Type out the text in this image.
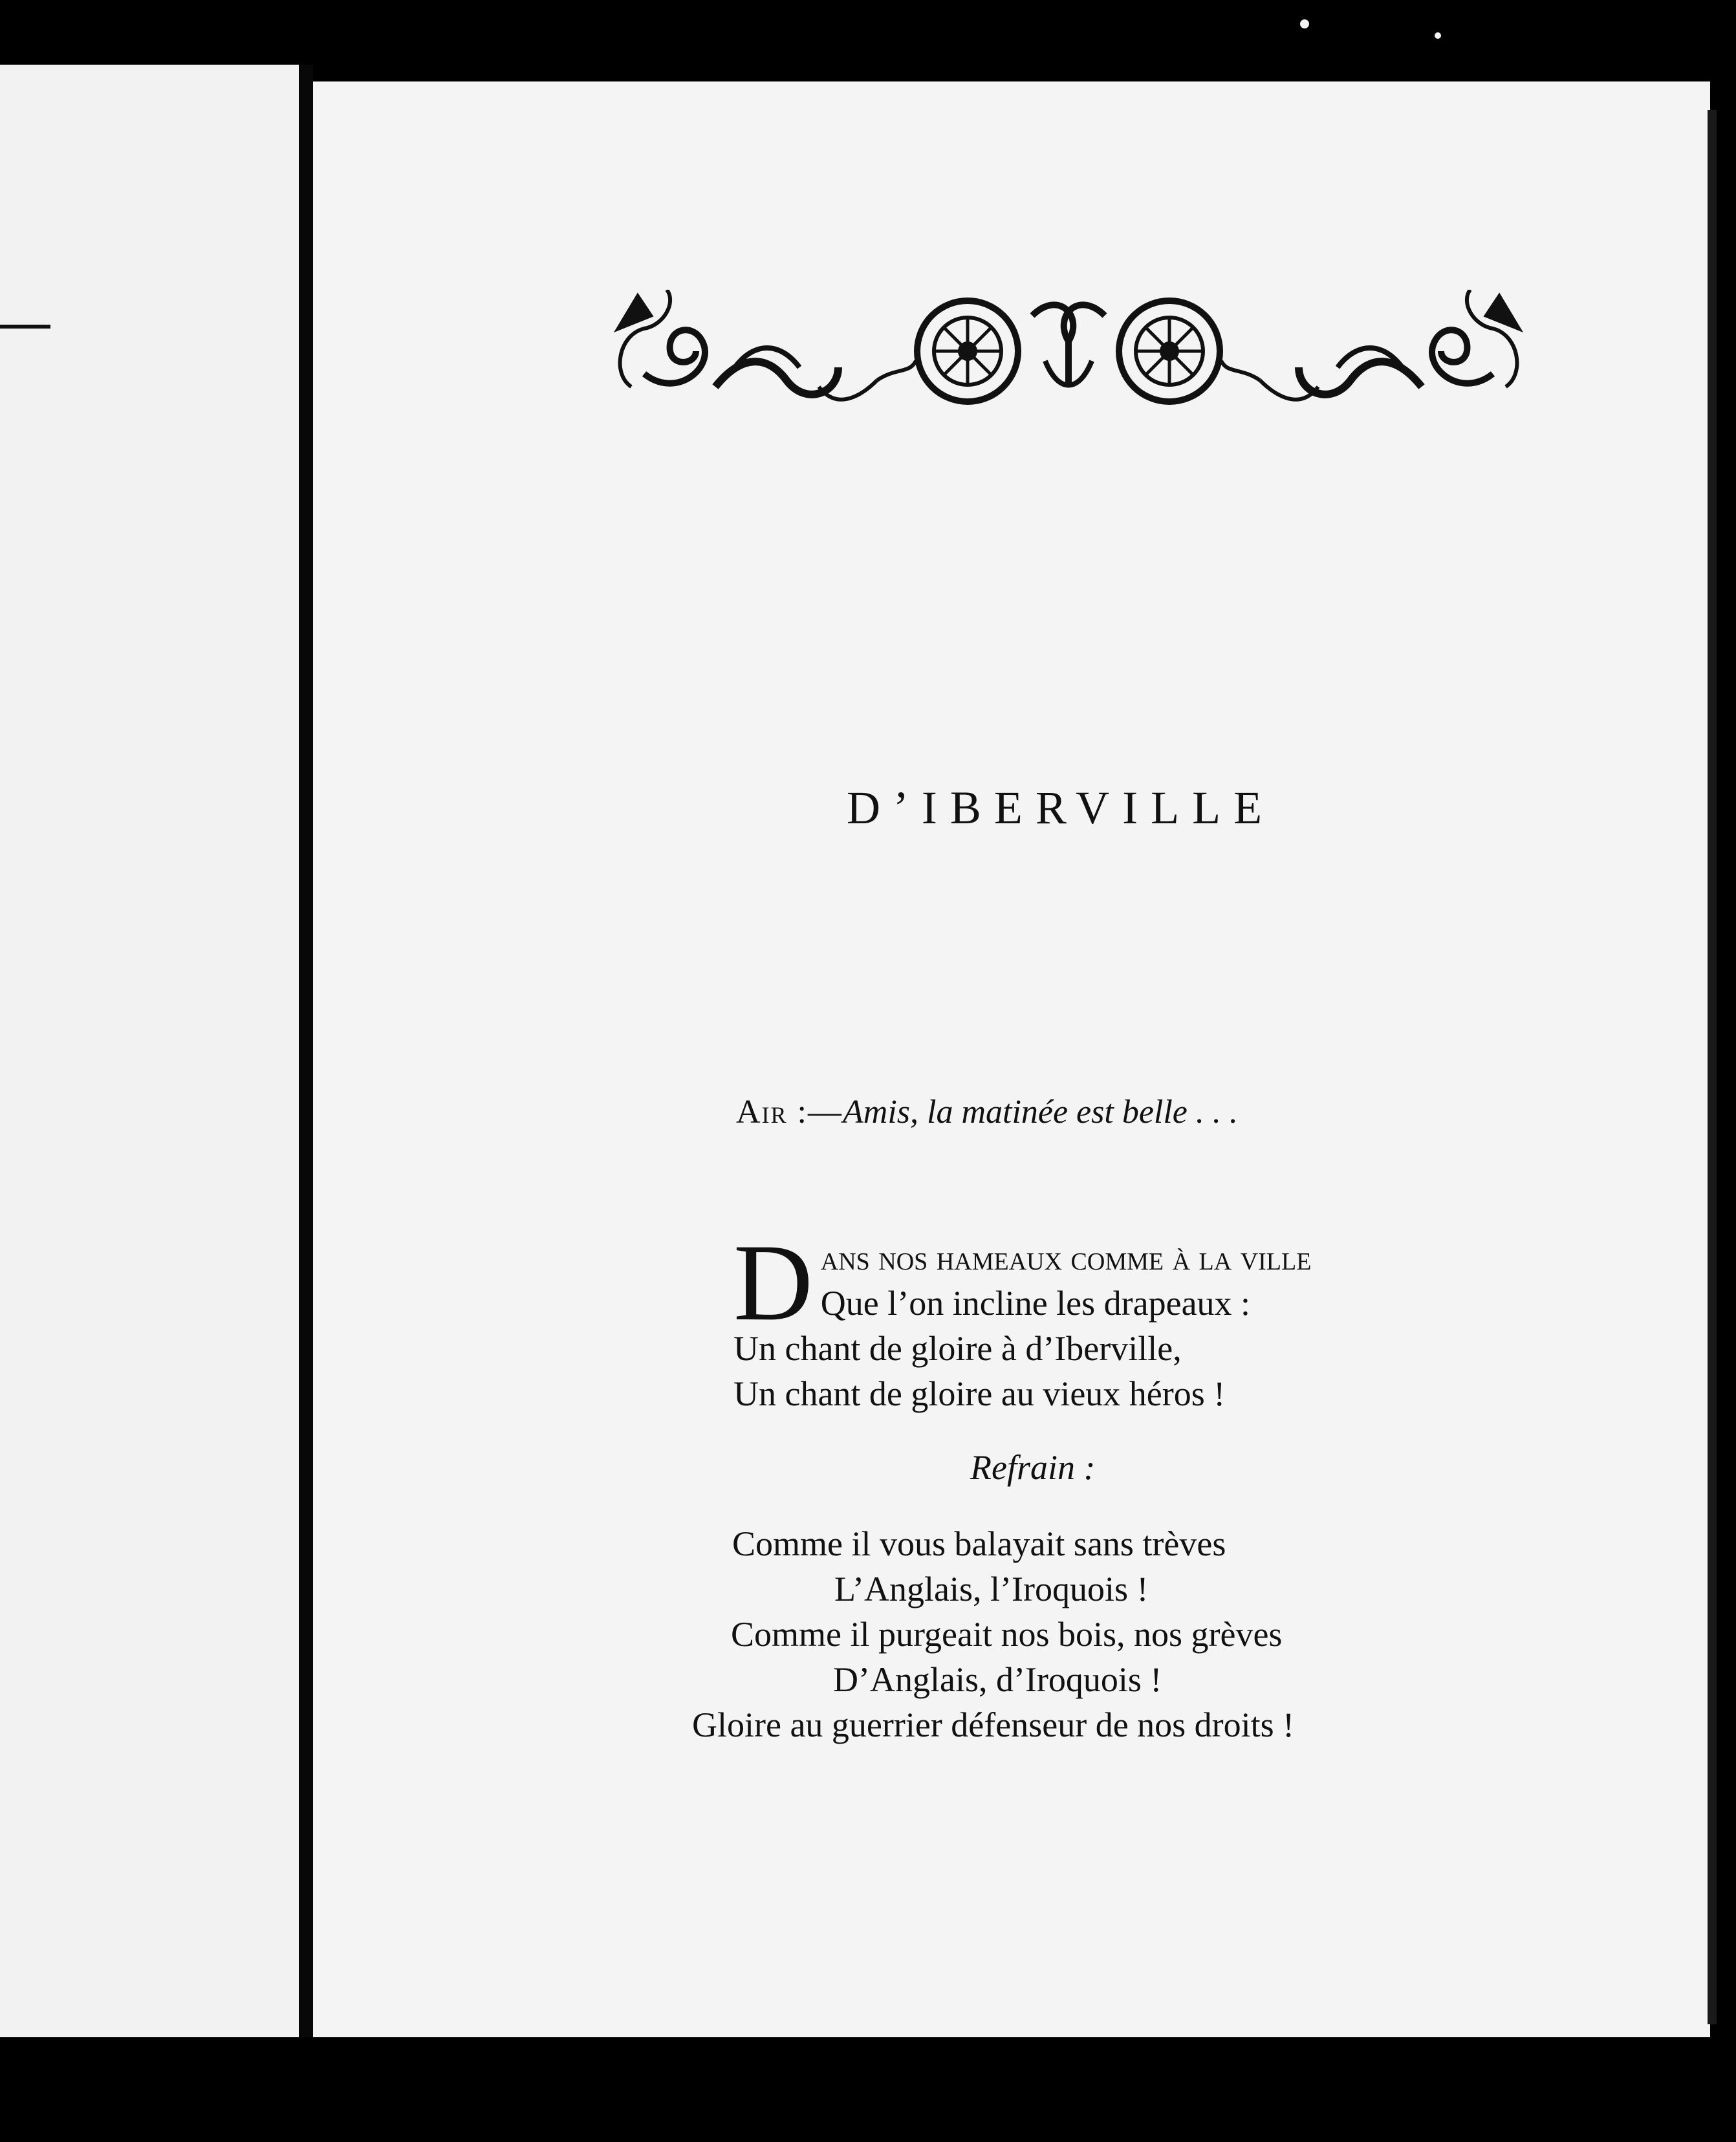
D’IBERVILLE
Air :—Amis, la matinée est belle . . .
D ans nos hameaux comme à la ville
Que l’on incline les drapeaux :
Un chant de gloire à d’Iberville,
Un chant de gloire au vieux héros !
Refrain :
Comme il vous balayait sans trèves
L’Anglais, l’Iroquois !
Comme il purgeait nos bois, nos grèves
D’Anglais, d’Iroquois !
Gloire au guerrier défenseur de nos droits !
